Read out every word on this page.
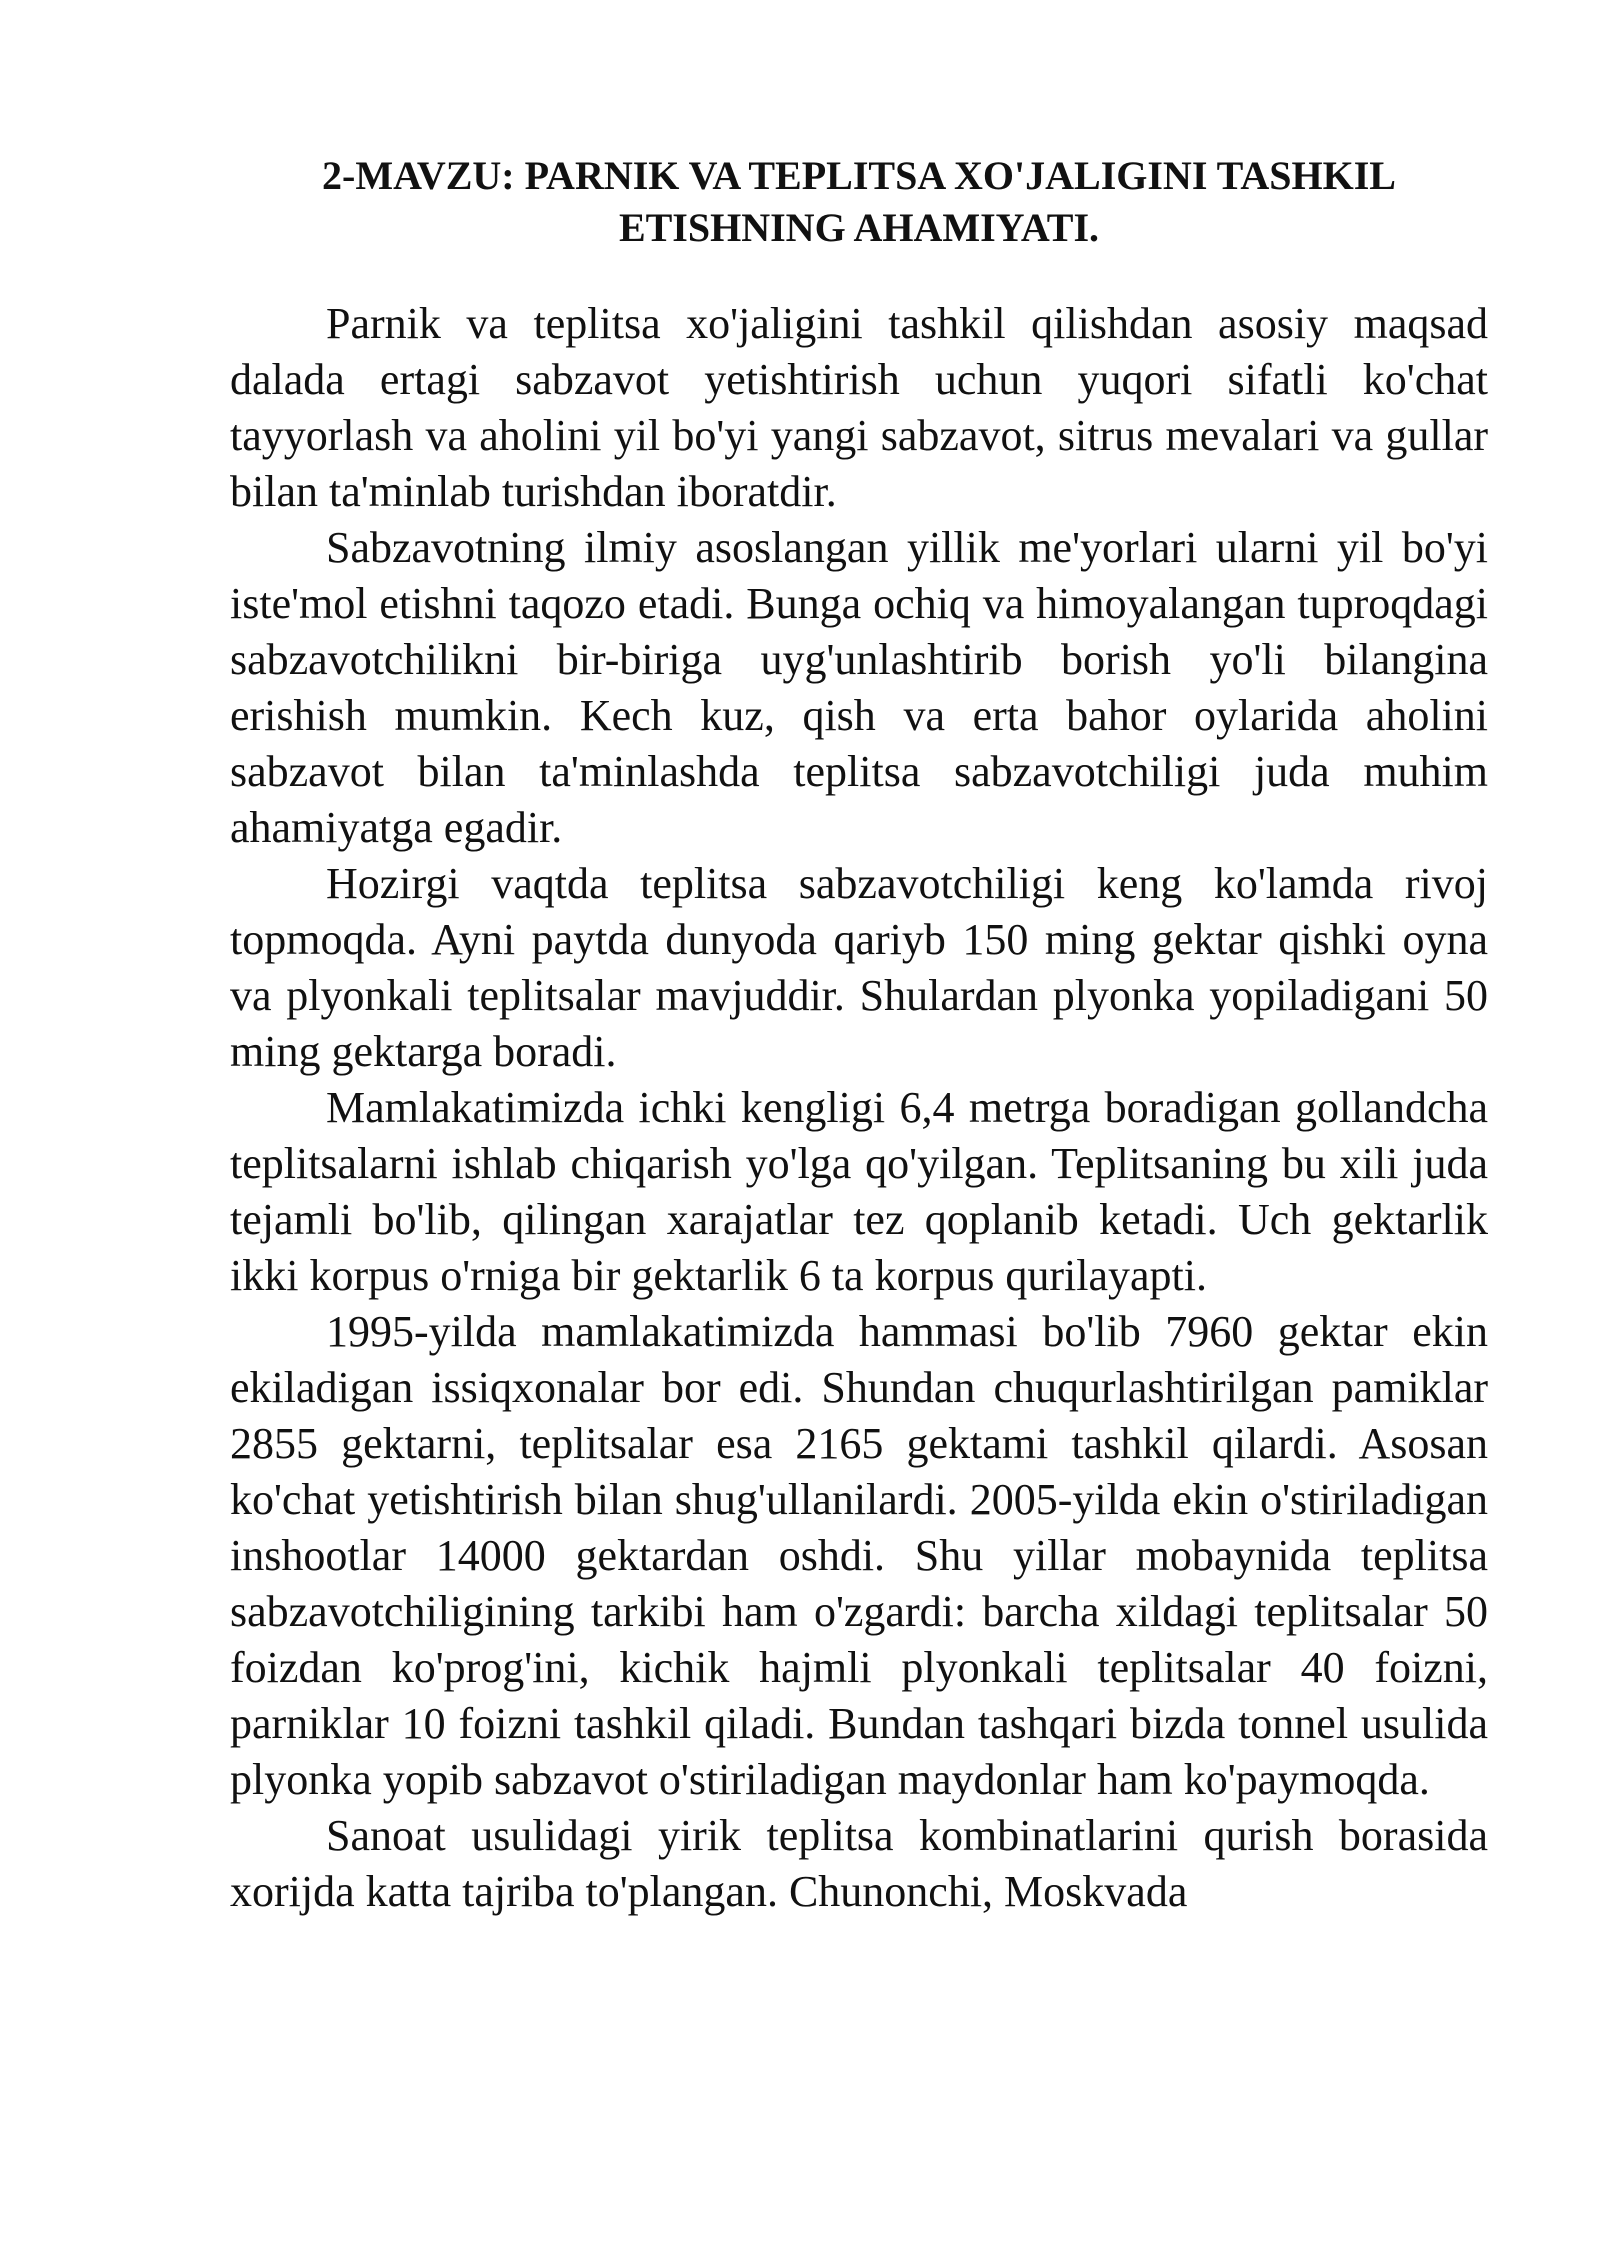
2-MAVZU: PARNIK VA TEPLITSA XO'JALIGINI TASHKIL
ETISHNING AHAMIYATI.

Parnik va teplitsa xo'jaligini tashkil qilishdan asosiy maqsad dalada ertagi sabzavot yetishtirish uchun yuqori sifatli ko'chat tayyorlash va aholini yil bo'yi yangi sabzavot, sitrus mevalari va gullar bilan ta'minlab turishdan iboratdir.

Sabzavotning ilmiy asoslangan yillik me'yorlari ularni yil bo'yi iste'mol etishni taqozo etadi. Bunga ochiq va himoyalangan tuproqdagi sabzavotchilikni bir-biriga uyg'unlashtirib borish yo'li bilangina erishish mumkin. Kech kuz, qish va erta bahor oylarida aholini sabzavot bilan ta'minlashda teplitsa sabzavotchiligi juda muhim ahamiyatga egadir.

Hozirgi vaqtda teplitsa sabzavotchiligi keng ko'lamda rivoj topmoqda. Ayni paytda dunyoda qariyb 150 ming gektar qishki oyna va plyonkali teplitsalar mavjuddir. Shulardan plyonka yopiladigani 50 ming gektarga boradi.

Mamlakatimizda ichki kengligi 6,4 metrga boradigan gollandcha teplitsalarni ishlab chiqarish yo'lga qo'yilgan. Teplitsaning bu xili juda tejamli bo'lib, qilingan xarajatlar tez qoplanib ketadi. Uch gektarlik ikki korpus o'rniga bir gektarlik 6 ta korpus qurilayapti.

1995-yilda mamlakatimizda hammasi bo'lib 7960 gektar ekin ekiladigan issiqxonalar bor edi. Shundan chuqurlashtirilgan pamiklar 2855 gektarni, teplitsalar esa 2165 gektami tashkil qilardi. Asosan ko'chat yetishtirish bilan shug'ullanilardi. 2005-yilda ekin o'stiriladigan inshootlar 14000 gektardan oshdi. Shu yillar mobaynida teplitsa sabzavotchiligining tarkibi ham o'zgardi: barcha xildagi teplitsalar 50 foizdan ko'prog'ini, kichik hajmli plyonkali teplitsalar 40 foizni, parniklar 10 foizni tashkil qiladi. Bundan tashqari bizda tonnel usulida plyonka yopib sabzavot o'stiriladigan maydonlar ham ko'paymoqda.

Sanoat usulidagi yirik teplitsa kombinatlarini qurish borasida xorijda katta tajriba to'plangan. Chunonchi, Moskvada
